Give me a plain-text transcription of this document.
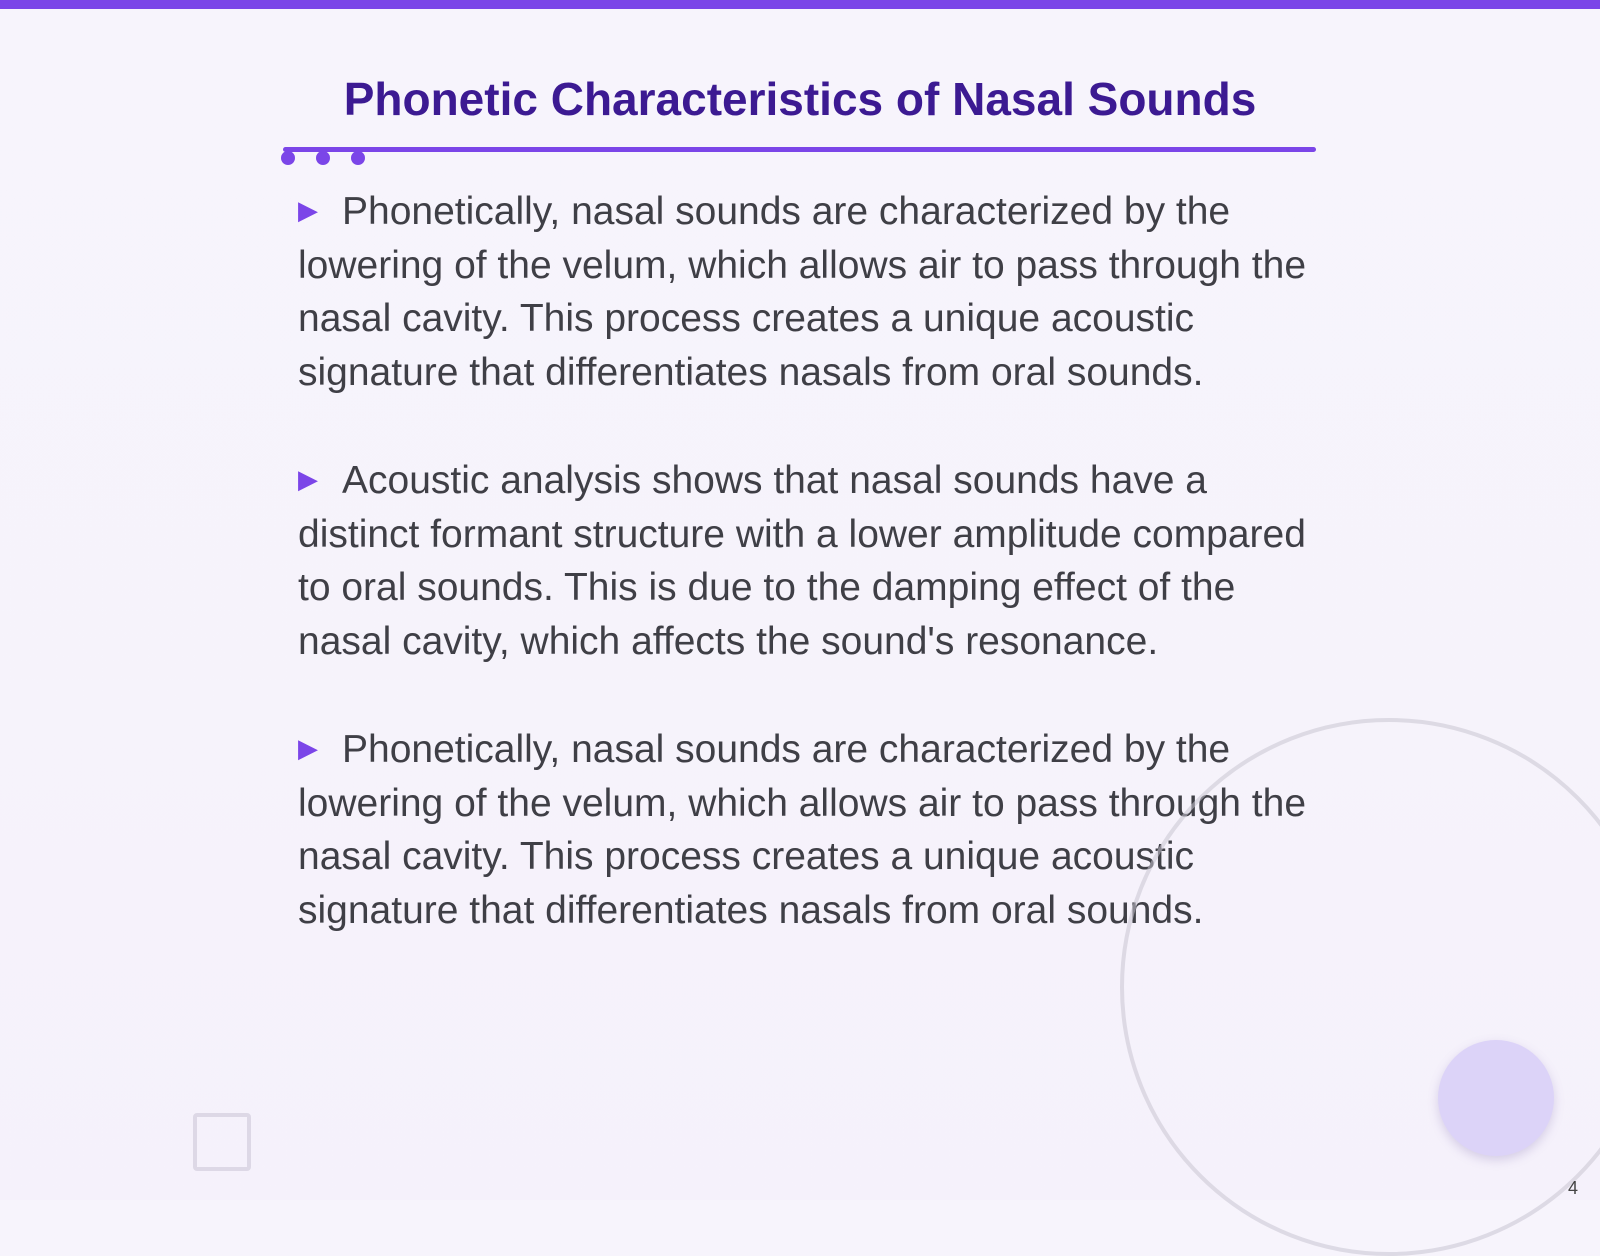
Phonetic Characteristics of Nasal Sounds

▶ Phonetically, nasal sounds are characterized by the lowering of the velum, which allows air to pass through the nasal cavity. This process creates a unique acoustic signature that differentiates nasals from oral sounds.

▶ Acoustic analysis shows that nasal sounds have a distinct formant structure with a lower amplitude compared to oral sounds. This is due to the damping effect of the nasal cavity, which affects the sound's resonance.

▶ Phonetically, nasal sounds are characterized by the lowering of the velum, which allows air to pass through the nasal cavity. This process creates a unique acoustic signature that differentiates nasals from oral sounds.

4
